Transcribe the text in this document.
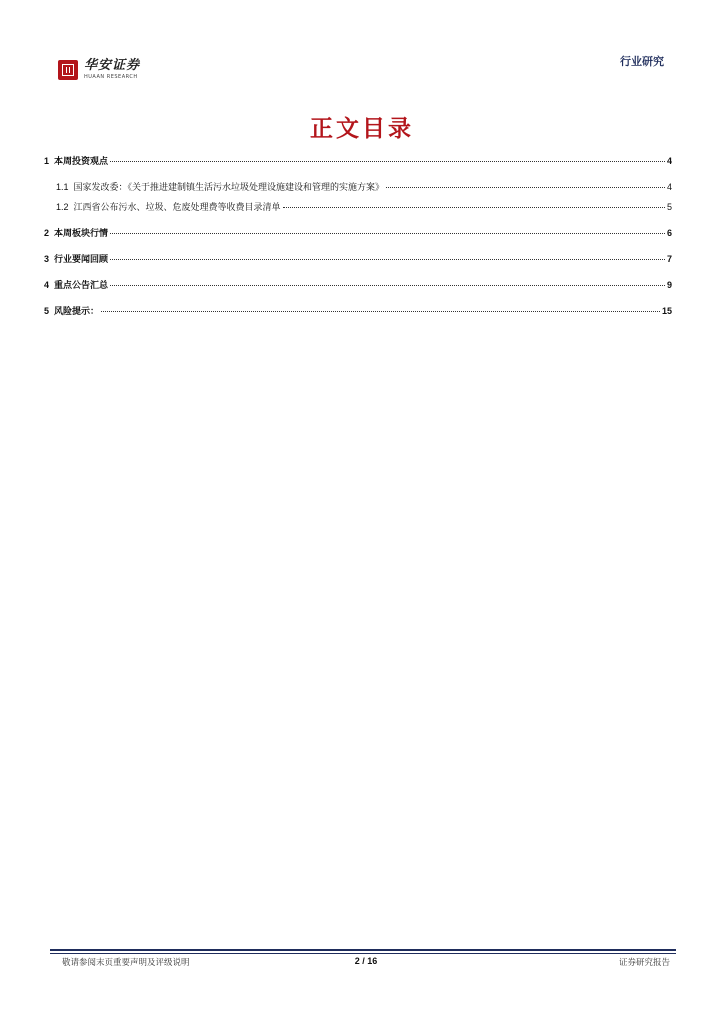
华安证券
HUAAN RESEARCH
行业研究
正文目录
1 本周投资观点	4
1.1 国家发改委：《关于推进建制镇生活污水垃圾处理设施建设和管理的实施方案》	4
1.2 江西省公布污水、垃圾、危废处理费等收费目录清单	5
2 本周板块行情	6
3 行业要闻回顾	7
4 重点公告汇总	9
5 风险提示：	15
敬请参阅末页重要声明及评级说明	2 / 16	证券研究报告
